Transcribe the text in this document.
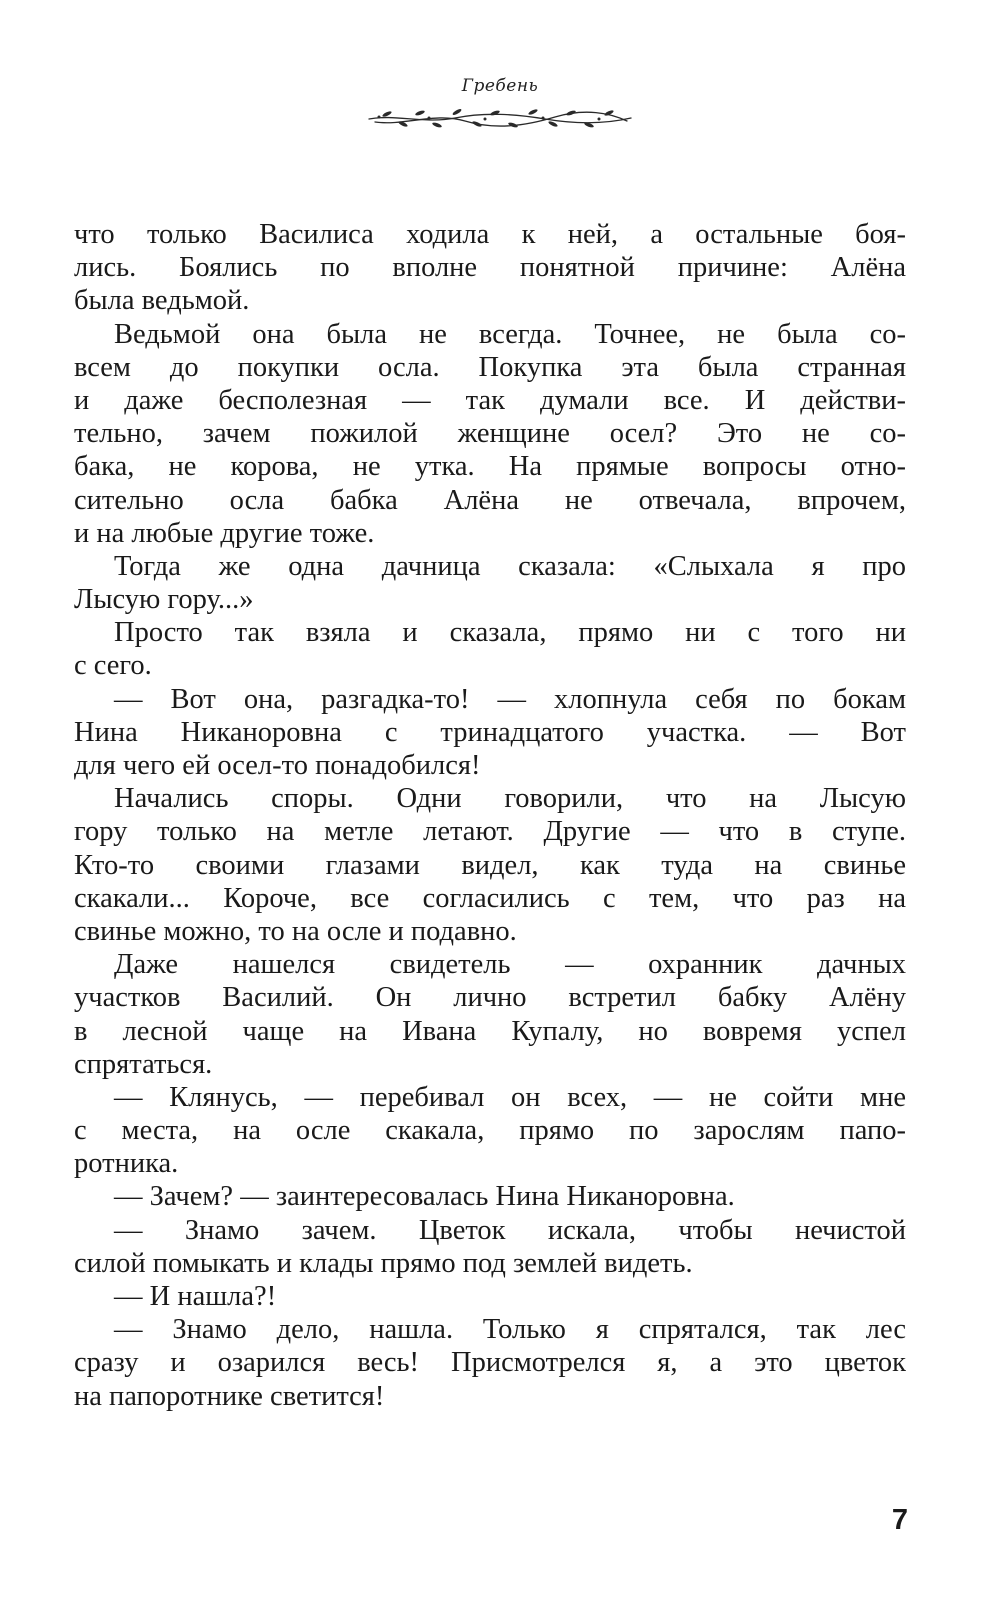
Гребень
что только Василиса ходила к ней, а остальные боя-
лись. Боялись по вполне понятной причине: Алёна
была ведьмой.
Ведьмой она была не всегда. Точнее, не была со-
всем до покупки осла. Покупка эта была странная
и даже бесполезная — так думали все. И действи-
тельно, зачем пожилой женщине осел? Это не со-
бака, не корова, не утка. На прямые вопросы отно-
сительно осла бабка Алёна не отвечала, впрочем,
и на любые другие тоже.
Тогда же одна дачница сказала: «Слыхала я про
Лысую гору...»
Просто так взяла и сказала, прямо ни с того ни
с сего.
— Вот она, разгадка-то! — хлопнула себя по бокам
Нина Никаноровна с тринадцатого участка. — Вот
для чего ей осел-то понадобился!
Начались споры. Одни говорили, что на Лысую
гору только на метле летают. Другие — что в ступе.
Кто-то своими глазами видел, как туда на свинье
скакали... Короче, все согласились с тем, что раз на
свинье можно, то на осле и подавно.
Даже нашелся свидетель — охранник дачных
участков Василий. Он лично встретил бабку Алёну
в лесной чаще на Ивана Купалу, но вовремя успел
спрятаться.
— Клянусь, — перебивал он всех, — не сойти мне
с места, на осле скакала, прямо по зарослям папо-
ротника.
— Зачем? — заинтересовалась Нина Никаноровна.
— Знамо зачем. Цветок искала, чтобы нечистой
силой помыкать и клады прямо под землей видеть.
— И нашла?!
— Знамо дело, нашла. Только я спрятался, так лес
сразу и озарился весь! Присмотрелся я, а это цветок
на папоротнике светится!
7
